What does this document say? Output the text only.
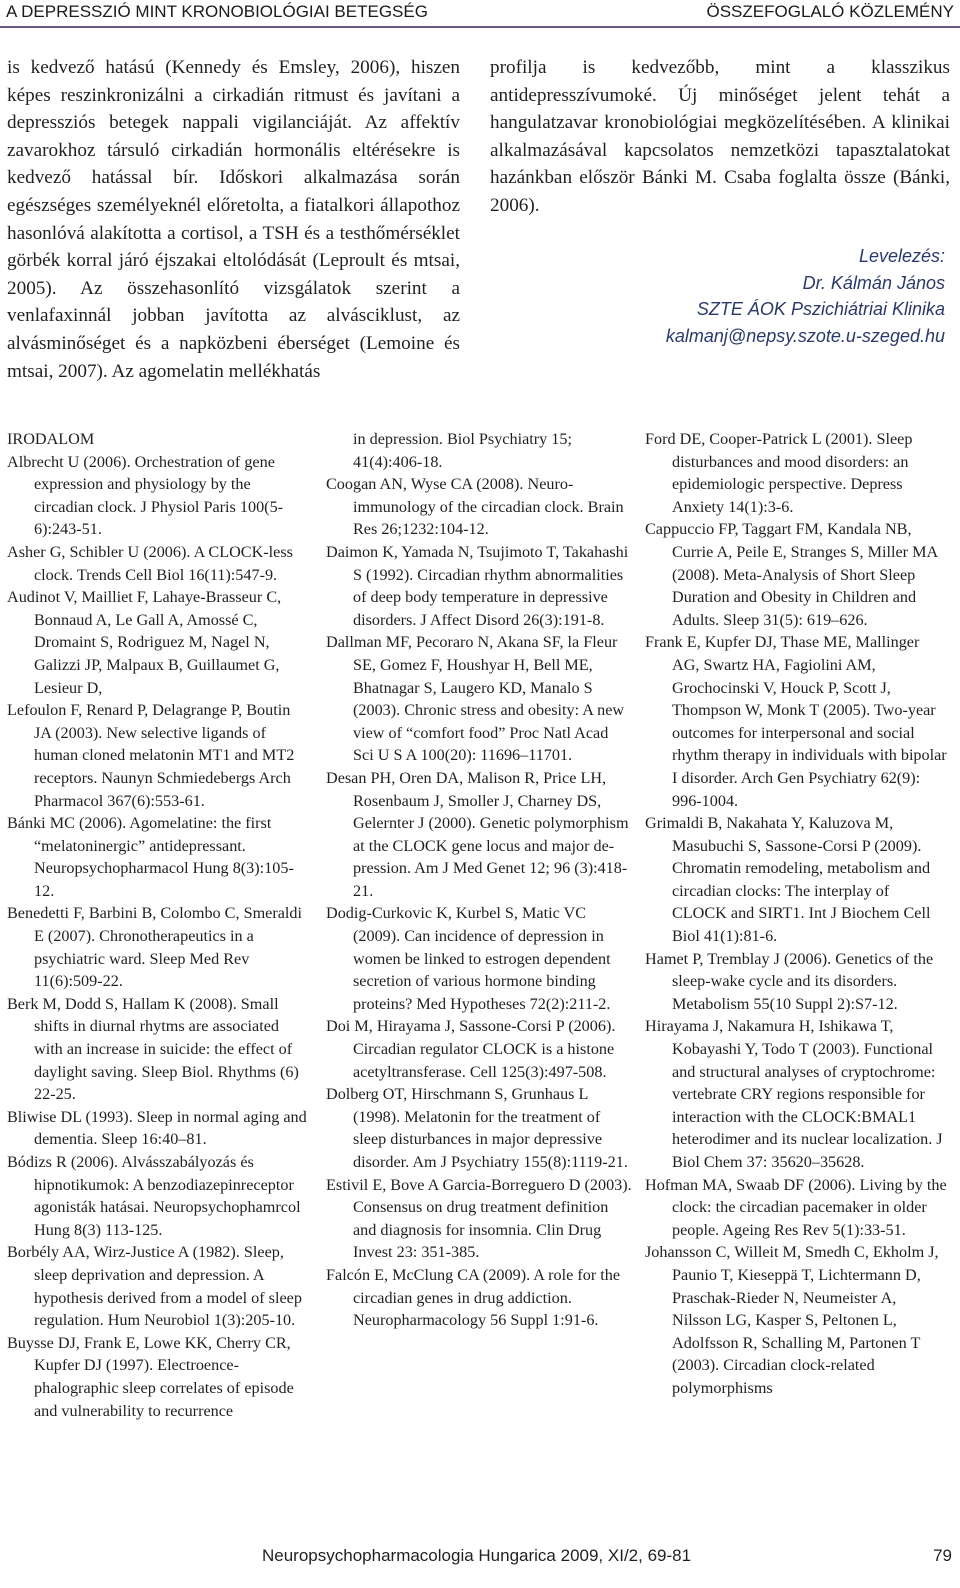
A DEPRESSZIÓ MINT KRONOBIOLÓGIAI BETEGSÉG	ÖSSZEFOGLALÓ KÖZLEMÉNY

is kedvező hatású (Kennedy és Emsley, 2006), hiszen képes reszinkronizálni a cirkadián ritmust és javítani a depressziós betegek nappali vigilanciáját. Az affektív zavarokhoz társuló cirkadián hormonális eltérésekre is kedvező hatással bír. Időskori alkalmazása során egészséges személyeknél előretolta, a fiatalkori állapothoz hasonlóvá alakította a cortisol, a TSH és a testhőmérséklet görbék korral járó éjszakai eltolódását (Leproult és mtsai, 2005). Az összehasonlító vizsgálatok szerint a venlafaxinnál jobban javította az alvásciklust, az alvásminőséget és a napközbeni éberséget (Lemoine és mtsai, 2007). Az agomelatin mellékhatás

profilja is kedvezőbb, mint a klasszikus antidepresszívumoké. Új minőséget jelent tehát a hangulatzavar kronobiológiai megközelítésében. A klinikai alkalmazásával kapcsolatos nemzetközi tapasztalatokat hazánkban először Bánki M. Csaba foglalta össze (Bánki, 2006).

Levelezés:
Dr. Kálmán János
SZTE ÁOK Pszichiátriai Klinika
kalmanj@nepsy.szote.u-szeged.hu

IRODALOM

Albrecht U (2006). Orchestration of gene expression and physiology by the circadian clock. J Physiol Paris 100(5-6):243-51.

Asher G, Schibler U (2006). A CLOCK-less clock. Trends Cell Biol 16(11):547-9.

Audinot V, Mailliet F, Lahaye-Brasseur C, Bonnaud A, Le Gall A, Amossé C, Dromaint S, Rodriguez M, Nagel N, Galizzi JP, Malpaux B, Guillaumet G, Lesieur D,

Lefoulon F, Renard P, Delagrange P, Boutin JA (2003). New selective ligands of human cloned melatonin MT1 and MT2 receptors. Naunyn Schmiedebergs Arch Pharmacol 367(6):553-61.

Bánki MC (2006). Agomelatine: the first “melatoninergic” antidepressant. Neuropsychopharmacol Hung 8(3):105-12.

Benedetti F, Barbini B, Colombo C, Smeraldi E (2007). Chronotherapeutics in a psychiatric ward. Sleep Med Rev 11(6):509-22.

Berk M, Dodd S, Hallam K (2008). Small shifts in diurnal rhytms are associated with an increase in suicide: the effect of daylight saving. Sleep Biol. Rhythms (6) 22-25.

Bliwise DL (1993). Sleep in normal aging and dementia. Sleep 16:40–81.

Bódizs R (2006). Alvásszabályozás és hipnotikumok: A benzodiazepinreceptor agonisták hatásai. Neuropsychophamrcol Hung 8(3) 113-125.

Borbély AA, Wirz-Justice A (1982). Sleep, sleep deprivation and depression. A hypothesis derived from a model of sleep regulation. Hum Neurobiol 1(3):205-10.

Buysse DJ, Frank E, Lowe KK, Cherry CR, Kupfer DJ (1997). Electroencephalographic sleep correlates of episode and vulnerability to recurrence

in depression. Biol Psychiatry 15; 41(4):406-18.

Coogan AN, Wyse CA (2008). Neuroimmunology of the circadian clock. Brain Res 26;1232:104-12.

Daimon K, Yamada N, Tsujimoto T, Takahashi S (1992). Circadian rhythm abnormalities of deep body temperature in depressive disorders. J Affect Disord 26(3):191-8.

Dallman MF, Pecoraro N, Akana SF, la Fleur SE, Gomez F, Houshyar H, Bell ME, Bhatnagar S, Laugero KD, Manalo S (2003). Chronic stress and obesity: A new view of “comfort food” Proc Natl Acad Sci U S A 100(20): 11696–11701.

Desan PH, Oren DA, Malison R, Price LH, Rosenbaum J, Smoller J, Charney DS, Gelernter J (2000). Genetic polymorphism at the CLOCK gene locus and major depression. Am J Med Genet 12; 96 (3):418-21.

Dodig-Curkovic K, Kurbel S, Matic VC (2009). Can incidence of depression in women be linked to estrogen dependent secretion of various hormone binding proteins? Med Hypotheses 72(2):211-2.

Doi M, Hirayama J, Sassone-Corsi P (2006). Circadian regulator CLOCK is a histone acetyltransferase. Cell 125(3):497-508.

Dolberg OT, Hirschmann S, Grunhaus L (1998). Melatonin for the treatment of sleep disturbances in major depressive disorder. Am J Psychiatry 155(8):1119-21.

Estivil E, Bove A Garcia-Borreguero D (2003). Consensus on drug treatment definition and diagnosis for insomnia. Clin Drug Invest 23: 351-385.

Falcón E, McClung CA (2009). A role for the circadian genes in drug addiction. Neuropharmacology 56 Suppl 1:91-6.

Ford DE, Cooper-Patrick L (2001). Sleep disturbances and mood disorders: an epidemiologic perspective. Depress Anxiety 14(1):3-6.

Cappuccio FP, Taggart FM, Kandala NB, Currie A, Peile E, Stranges S, Miller MA (2008). Meta-Analysis of Short Sleep Duration and Obesity in Children and Adults. Sleep 31(5): 619–626.

Frank E, Kupfer DJ, Thase ME, Mallinger AG, Swartz HA, Fagiolini AM, Grochocinski V, Houck P, Scott J, Thompson W, Monk T (2005). Two-year outcomes for interpersonal and social rhythm therapy in individuals with bipolar I disorder. Arch Gen Psychiatry 62(9): 996-1004.

Grimaldi B, Nakahata Y, Kaluzova M, Masubuchi S, Sassone-Corsi P (2009). Chromatin remodeling, metabolism and circadian clocks: The interplay of CLOCK and SIRT1. Int J Biochem Cell Biol 41(1):81-6.

Hamet P, Tremblay J (2006). Genetics of the sleep-wake cycle and its disorders. Metabolism 55(10 Suppl 2):S7-12.

Hirayama J, Nakamura H, Ishikawa T, Kobayashi Y, Todo T (2003). Functional and structural analyses of cryptochrome: vertebrate CRY regions responsible for interaction with the CLOCK:BMAL1 heterodimer and its nuclear localization. J Biol Chem 37: 35620–35628.

Hofman MA, Swaab DF (2006). Living by the clock: the circadian pacemaker in older people. Ageing Res Rev 5(1):33-51.

Johansson C, Willeit M, Smedh C, Ekholm J, Paunio T, Kieseppä T, Lichtermann D, Praschak-Rieder N, Neumeister A, Nilsson LG, Kasper S, Peltonen L, Adolfsson R, Schalling M, Partonen T (2003). Circadian clock-related polymorphisms

Neuropsychopharmacologia Hungarica 2009, XI/2, 69-81	79
